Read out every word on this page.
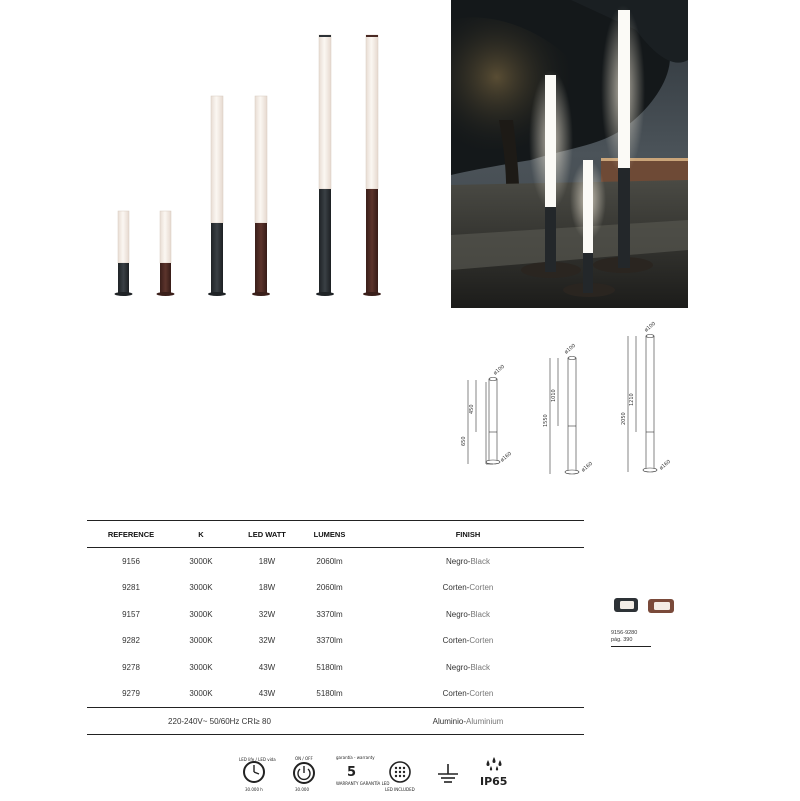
650
450
ø100
ø160
1550
1010
ø100
ø160
2050
1210
ø100
ø160
REFERENCE	K	LED WATT	LUMENS	FINISH
9156	3000K	18W	2060lm	Negro-Black
9281	3000K	18W	2060lm	Corten-Corten
9157	3000K	32W	3370lm	Negro-Black
9282	3000K	32W	3370lm	Corten-Corten
9278	3000K	43W	5180lm	Negro-Black
9279	3000K	43W	5180lm	Corten-Corten
220-240V~ 50/60Hz CRI≥ 80				Aluminio-Aluminium
9156-9280
pág. 390
LED life / LED vida
30.000 h
ON / OFF
30.000
garantía - warranty
5
WARRANTY GARANTÍA LED
LED INCLUDED
IP65
